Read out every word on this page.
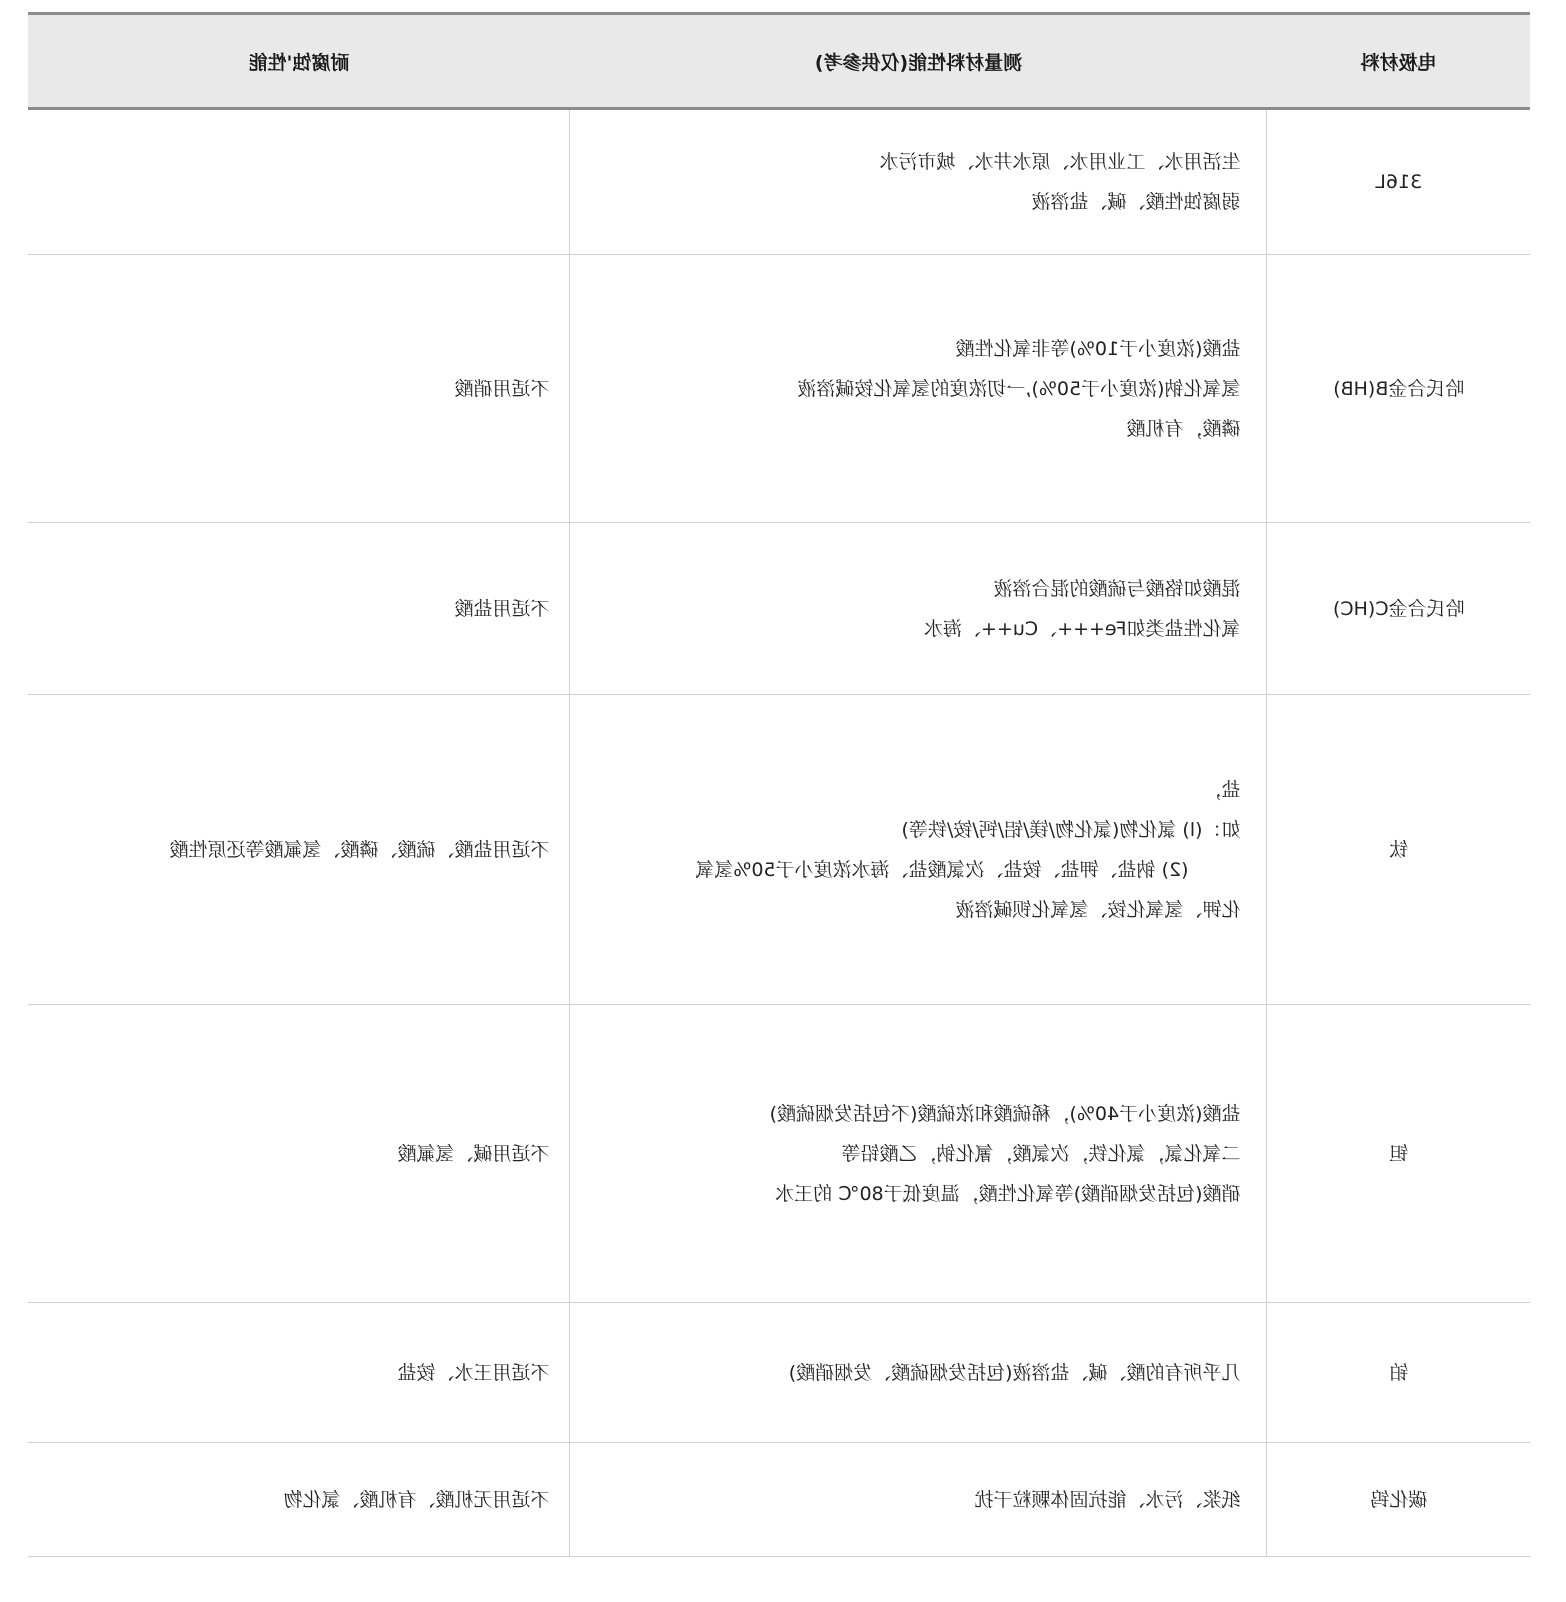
电极材料	测量材料性能(仅供参考)	耐腐蚀'性能
316L	生活用水、工业用水、原水井水、城市污水
弱腐蚀性酸、碱、盐溶液	

哈氏合金B(HB)	盐酸(浓度小于10%)等非氧化性酸
氢氧化钠(浓度小于50%),一切浓度的氢氧化铵碱溶液
磷酸，有机酸	不适用硝酸
哈氏合金C(HC)	混酸如铬酸与硫酸的混合溶液
氧化性盐类如Fe+++、Cu++、海水	不适用盐酸
钛	盐，
如：(l) 氯化物(氯化物/镁/铝/钙/铵/铁等)
(2) 钠盐、钾盐、铵盐、次氯酸盐、海水浓度小于50%氢氧
化钾、氢氧化铵、氢氧化钡碱溶液	不适用盐酸、硫酸、磷酸、氢氟酸等还原性酸
钽	盐酸(浓度小于40%)，稀硫酸和浓硫酸(不包括发烟硫酸)
二氧化氯，氯化铁，次氯酸，氰化钠，乙酸铅等
硝酸(包括发烟硝酸)等氧化性酸，温度低于80℃ 的王水	不适用碱、氢氟酸
铂	几乎所有的酸、碱、盐溶液(包括发烟硫酸、发烟硝酸)	不适用王水、铵盐
碳化钨	纸浆、污水、能抗固体颗粒干扰	不适用无机酸、有机酸、氯化物
